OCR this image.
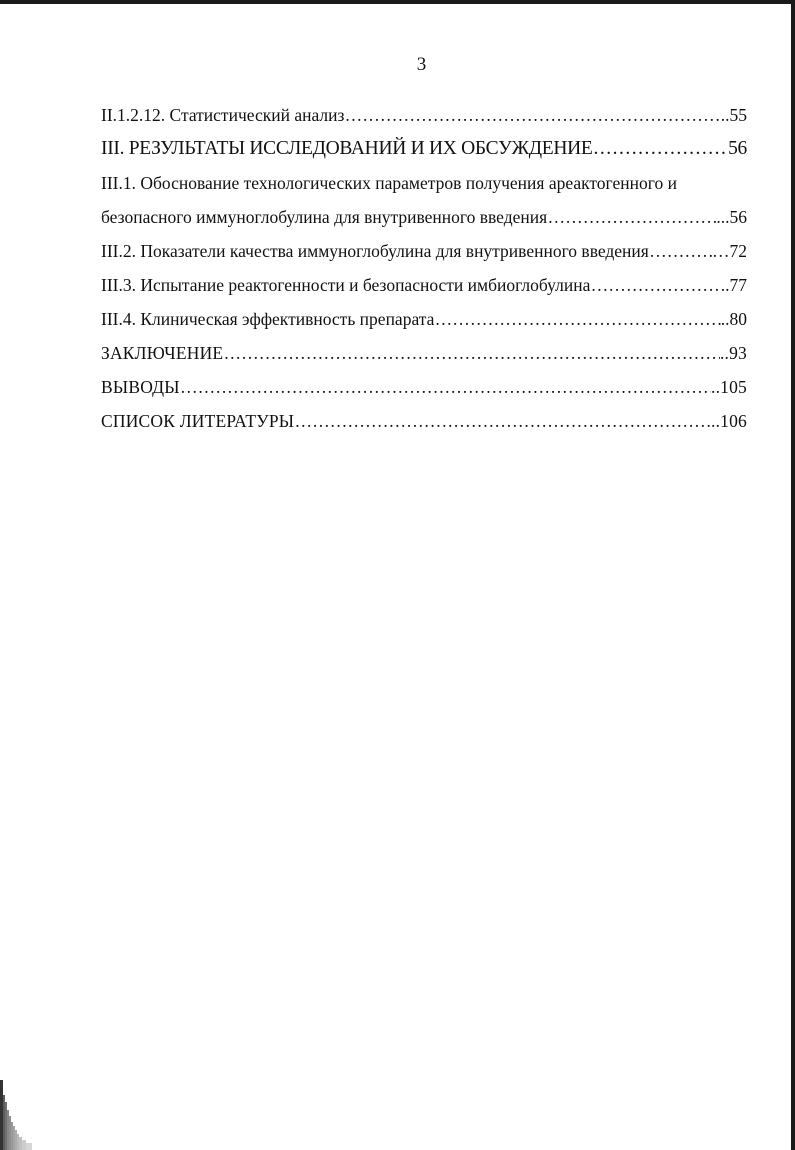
3
II.1.2.12. Статистический анализ .....	..55
III. РЕЗУЛЬТАТЫ ИССЛЕДОВАНИЙ И ИХ ОБСУЖДЕНИЕ .....	56
III.1. Обоснование технологических параметров получения ареактогенного и
безопасного иммуноглобулина для внутривенного введения .....	...56
III.2. Показатели качества иммуноглобулина для внутривенного введения .....	…72
III.3. Испытание реактогенности и безопасности имбиоглобулина .....	..77
III.4. Клиническая эффективность препарата .....	..80
ЗАКЛЮЧЕНИЕ .....	..93
ВЫВОДЫ .....	..105
СПИСОК ЛИТЕРАТУРЫ .....	..106
